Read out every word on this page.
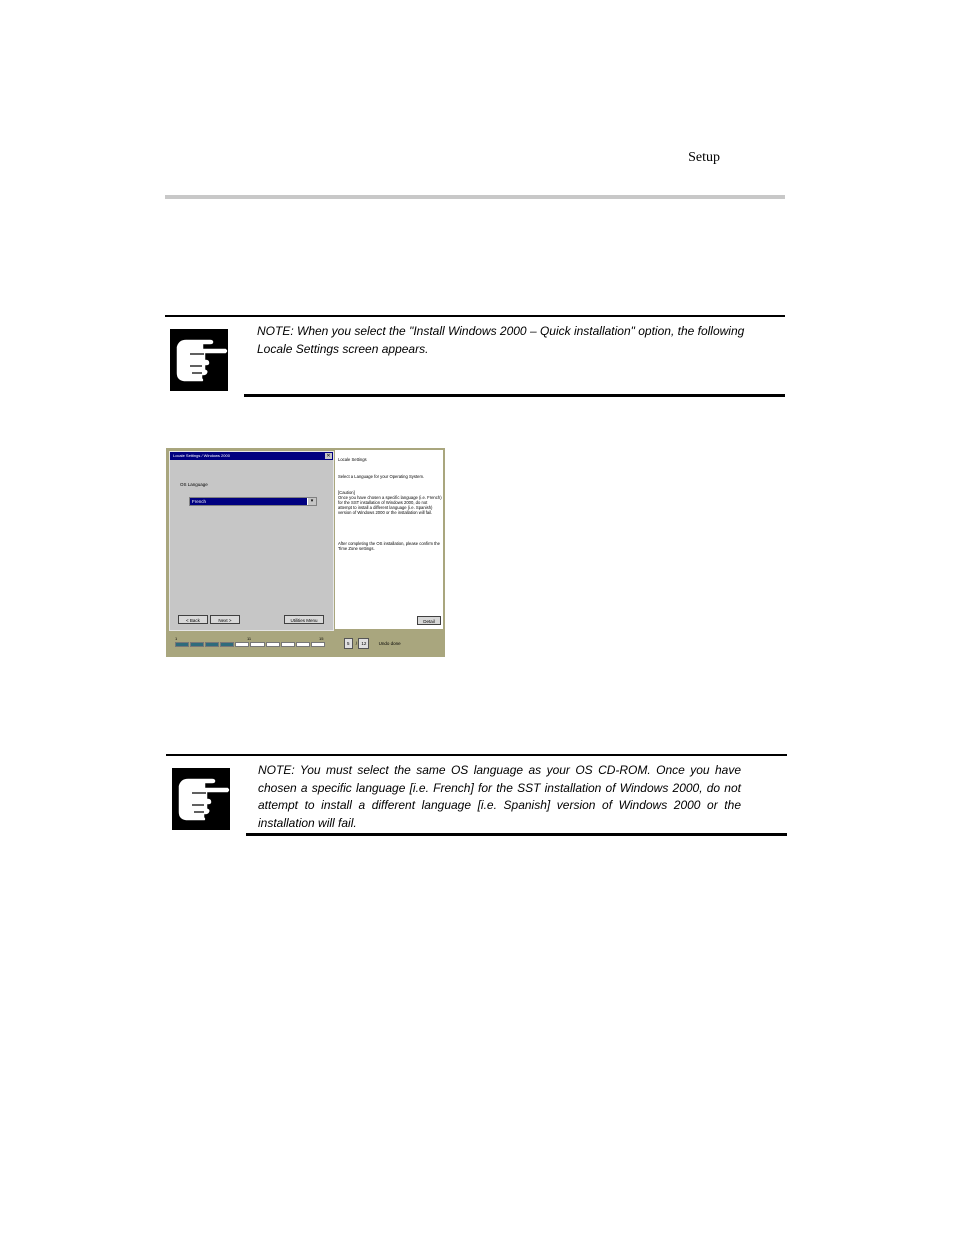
Setup
NOTE: When you select the "Install Windows 2000 – Quick installation" option, the following Locale Settings screen appears.
Locale Settings / Windows 2000	✕
OS Language
French	▾
< Back	Next >	Utilities Menu
Locale Settings
Select a Language for your Operating System.
[Caution]
Once you have chosen a specific language (i.e. French) for the SST installation of Windows 2000, do not attempt to install a different language (i.e. Spanish) version of Windows 2000 or the installation will fail.
After completing the OS installation, please confirm the Time Zone settings.
Detail
1	11	15
5 / 12	Undo done
NOTE: You must select the same OS language as your OS CD-ROM. Once you have chosen a specific language [i.e. French] for the SST installation of Windows 2000, do not attempt to install a different language [i.e. Spanish] version of Windows 2000 or the installation will fail.
